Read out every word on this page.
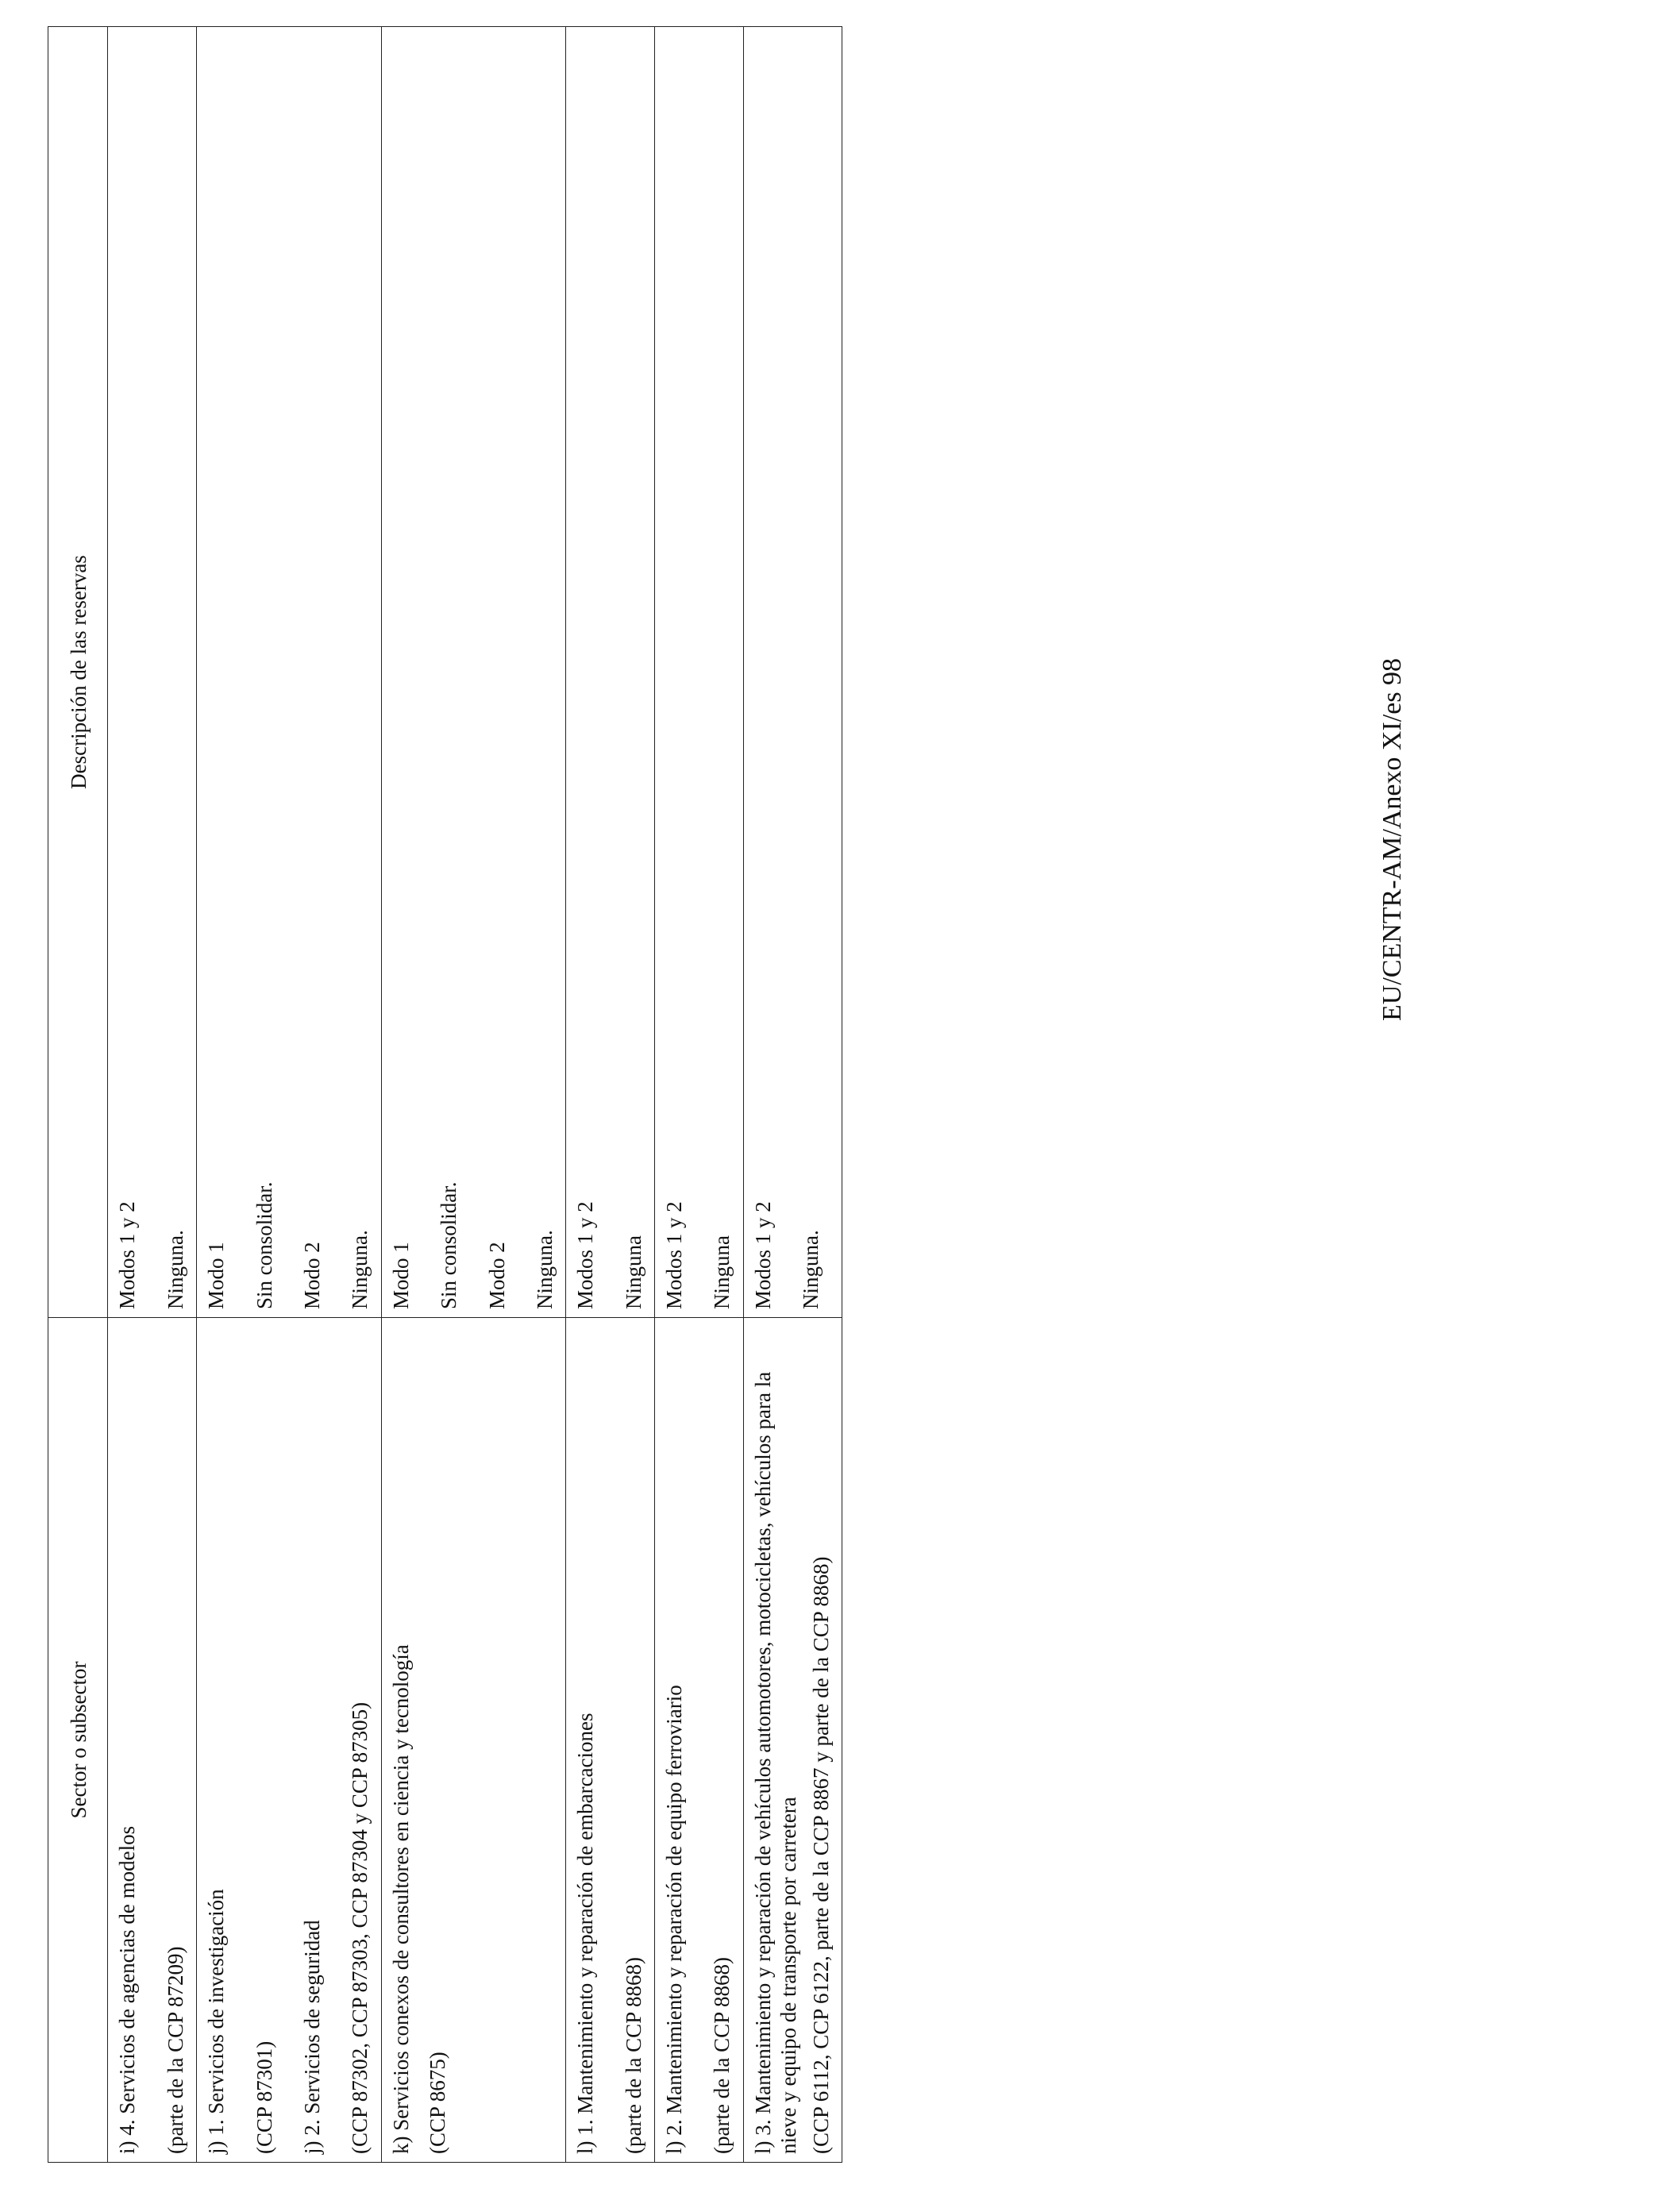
Sector o subsector	Descripción de las reservas	

i) 4. Servicios de agencias de modelos (parte de la CCP 87209)	Modos 1 y 2 Ninguna.	

j) 1. Servicios de investigación (CCP 87301) j) 2. Servicios de seguridad (CCP 87302, CCP 87303, CCP 87304 y CCP 87305)	Modo 1 Sin consolidar. Modo 2 Ninguna.	

k) Servicios conexos de consultores en ciencia y tecnología (CCP 8675)	Modo 1 Sin consolidar. Modo 2 Ninguna.	

l) 1. Mantenimiento y reparación de embarcaciones (parte de la CCP 8868)	Modos 1 y 2 Ninguna	

l) 2. Mantenimiento y reparación de equipo ferroviario (parte de la CCP 8868)	Modos 1 y 2 Ninguna	

l) 3. Mantenimiento y reparación de vehículos automotores, motocicletas, vehículos para la nieve y equipo de transporte por carretera (CCP 6112, CCP 6122, parte de la CCP 8867 y parte de la CCP 8868)	Modos 1 y 2 Ninguna.	

EU/CENTR-AM/Anexo XI/es 98
